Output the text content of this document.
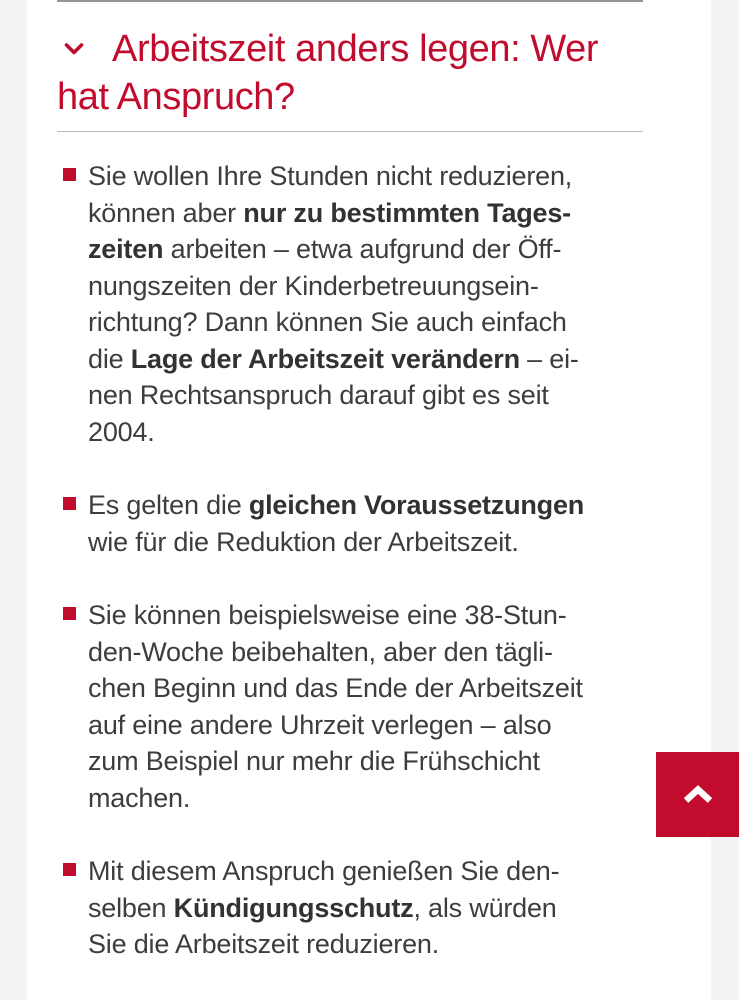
Arbeitszeit anders legen: Wer
hat Anspruch?
Sie wollen Ihre Stunden nicht reduzieren,
können aber nur zu bestimmten Tages-
zeiten arbeiten – etwa aufgrund der Öff-
nungszeiten der Kinderbetreuungsein-
richtung? Dann können Sie auch einfach
die Lage der Arbeitszeit verändern – ei-
nen Rechtsanspruch darauf gibt es seit
2004.
Es gelten die gleichen Voraussetzungen
wie für die Reduktion der Arbeitszeit.
Sie können beispielsweise eine 38-Stun-
den-Woche beibehalten, aber den tägli-
chen Beginn und das Ende der Arbeitszeit
auf eine andere Uhrzeit verlegen – also
zum Beispiel nur mehr die Frühschicht
machen.
Mit diesem Anspruch genießen Sie den-
selben Kündigungsschutz, als würden
Sie die Arbeitszeit reduzieren.
